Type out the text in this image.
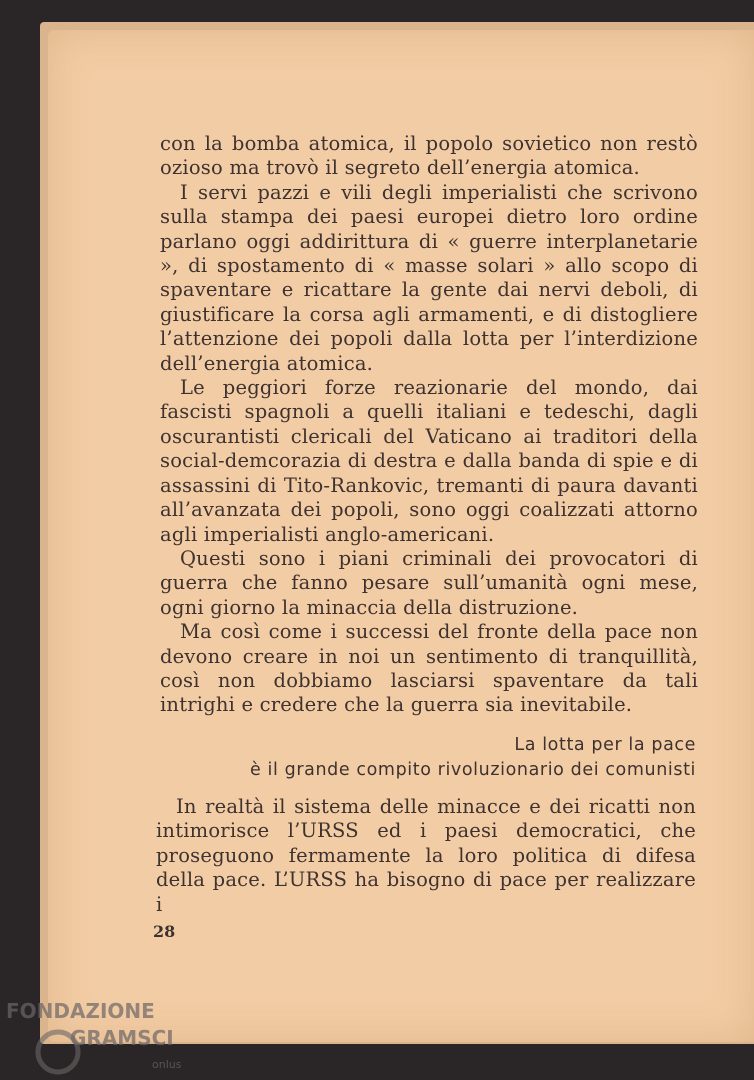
con la bomba atomica, il popolo sovietico non restò ozioso ma trovò il segreto dell’energia atomica.

I servi pazzi e vili degli imperialisti che scrivono sulla stampa dei paesi europei dietro loro ordine parlano oggi addirittura di « guerre interplanetarie », di spostamento di « masse solari » allo scopo di spaventare e ricattare la gente dai nervi deboli, di giustificare la corsa agli armamenti, e di distogliere l’attenzione dei popoli dalla lotta per l’interdizione dell’energia atomica.

Le peggiori forze reazionarie del mondo, dai fascisti spagnoli a quelli italiani e tedeschi, dagli oscurantisti clericali del Vaticano ai traditori della social-demcorazia di destra e dalla banda di spie e di assassini di Tito-Rankovic, tremanti di paura davanti all’avanzata dei popoli, sono oggi coalizzati attorno agli imperialisti anglo-americani.

Questi sono i piani criminali dei provocatori di guerra che fanno pesare sull’umanità ogni mese, ogni giorno la minaccia della distruzione.

Ma così come i successi del fronte della pace non devono creare in noi un sentimento di tranquillità, così non dobbiamo lasciarsi spaventare da tali intrighi e credere che la guerra sia inevitabile.

La lotta per la pace
è il grande compito rivoluzionario dei comunisti

In realtà il sistema delle minacce e dei ricatti non intimorisce l’URSS ed i paesi democratici, che proseguono fermamente la loro politica di difesa della pace. L’URSS ha bisogno di pace per realizzare i

28
FONDAZIONE
GRAMSCI
onlus
